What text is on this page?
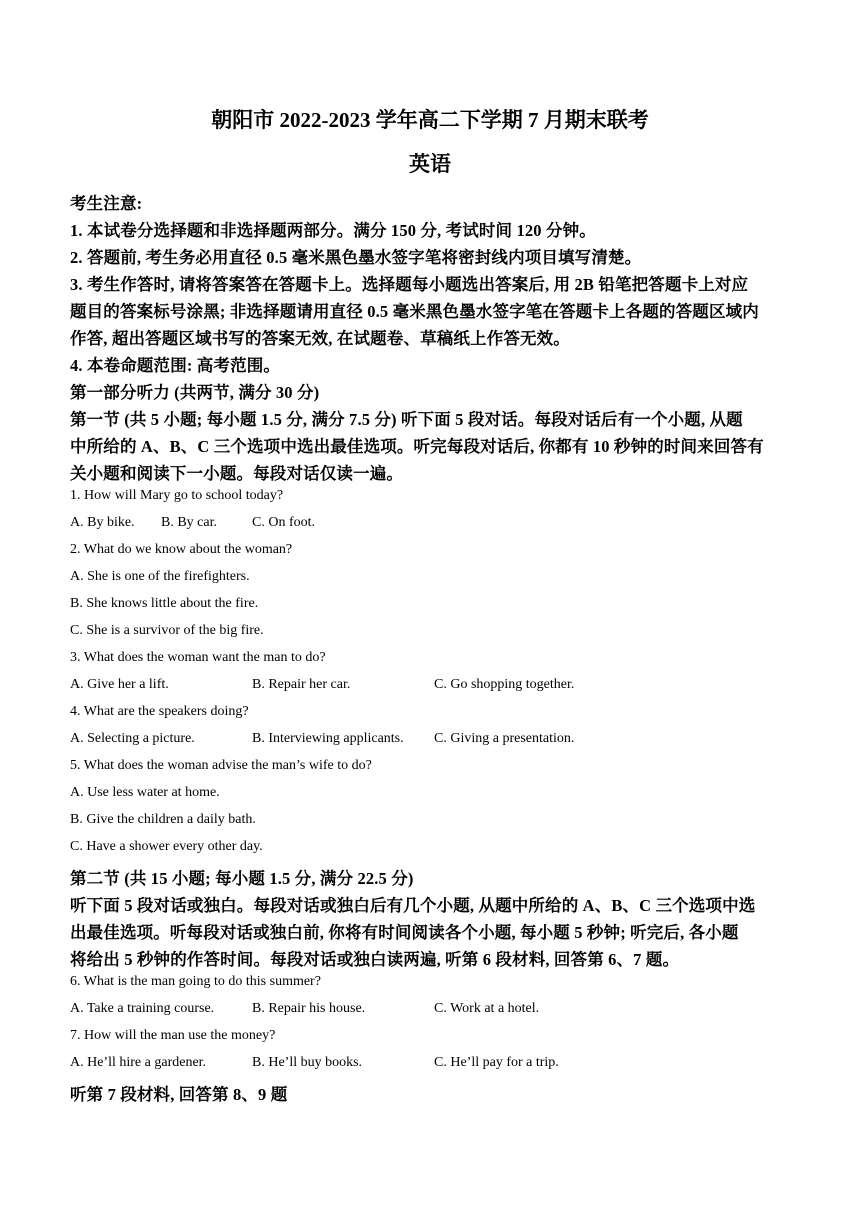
朝阳市 2022-2023 学年高二下学期 7 月期末联考
英语
考生注意:
1. 本试卷分选择题和非选择题两部分。满分 150 分, 考试时间 120 分钟。
2. 答题前, 考生务必用直径 0.5 毫米黑色墨水签字笔将密封线内项目填写清楚。
3. 考生作答时, 请将答案答在答题卡上。选择题每小题选出答案后, 用 2B 铅笔把答题卡上对应
题目的答案标号涂黑; 非选择题请用直径 0.5 毫米黑色墨水签字笔在答题卡上各题的答题区域内
作答, 超出答题区域书写的答案无效, 在试题卷、草稿纸上作答无效。
4. 本卷命题范围: 高考范围。
第一部分听力 (共两节, 满分 30 分)
第一节 (共 5 小题; 每小题 1.5 分, 满分 7.5 分) 听下面 5 段对话。每段对话后有一个小题, 从题
中所给的 A、B、C 三个选项中选出最佳选项。听完每段对话后, 你都有 10 秒钟的时间来回答有
关小题和阅读下一小题。每段对话仅读一遍。
1. How will Mary go to school today?
A. By bike. B. By car.	C. On foot.
2. What do we know about the woman?
A. She is one of the firefighters.
B. She knows little about the fire.
C. She is a survivor of the big fire.
3. What does the woman want the man to do?
A. Give her a lift.	B. Repair her car.	C. Go shopping together.
4. What are the speakers doing?
A. Selecting a picture.	B. Interviewing applicants. C. Giving a presentation.
5. What does the woman advise the man’s wife to do?
A. Use less water at home.
B. Give the children a daily bath.
C. Have a shower every other day.
第二节 (共 15 小题; 每小题 1.5 分, 满分 22.5 分)
听下面 5 段对话或独白。每段对话或独白后有几个小题, 从题中所给的 A、B、C 三个选项中选
出最佳选项。听每段对话或独白前, 你将有时间阅读各个小题, 每小题 5 秒钟; 听完后, 各小题
将给出 5 秒钟的作答时间。每段对话或独白读两遍, 听第 6 段材料, 回答第 6、7 题。
6. What is the man going to do this summer?
A. Take a training course.	B. Repair his house.	C. Work at a hotel.
7. How will the man use the money?
A. He’ll hire a gardener.	B. He’ll buy books.	C. He’ll pay for a trip.
听第 7 段材料, 回答第 8、9 题
